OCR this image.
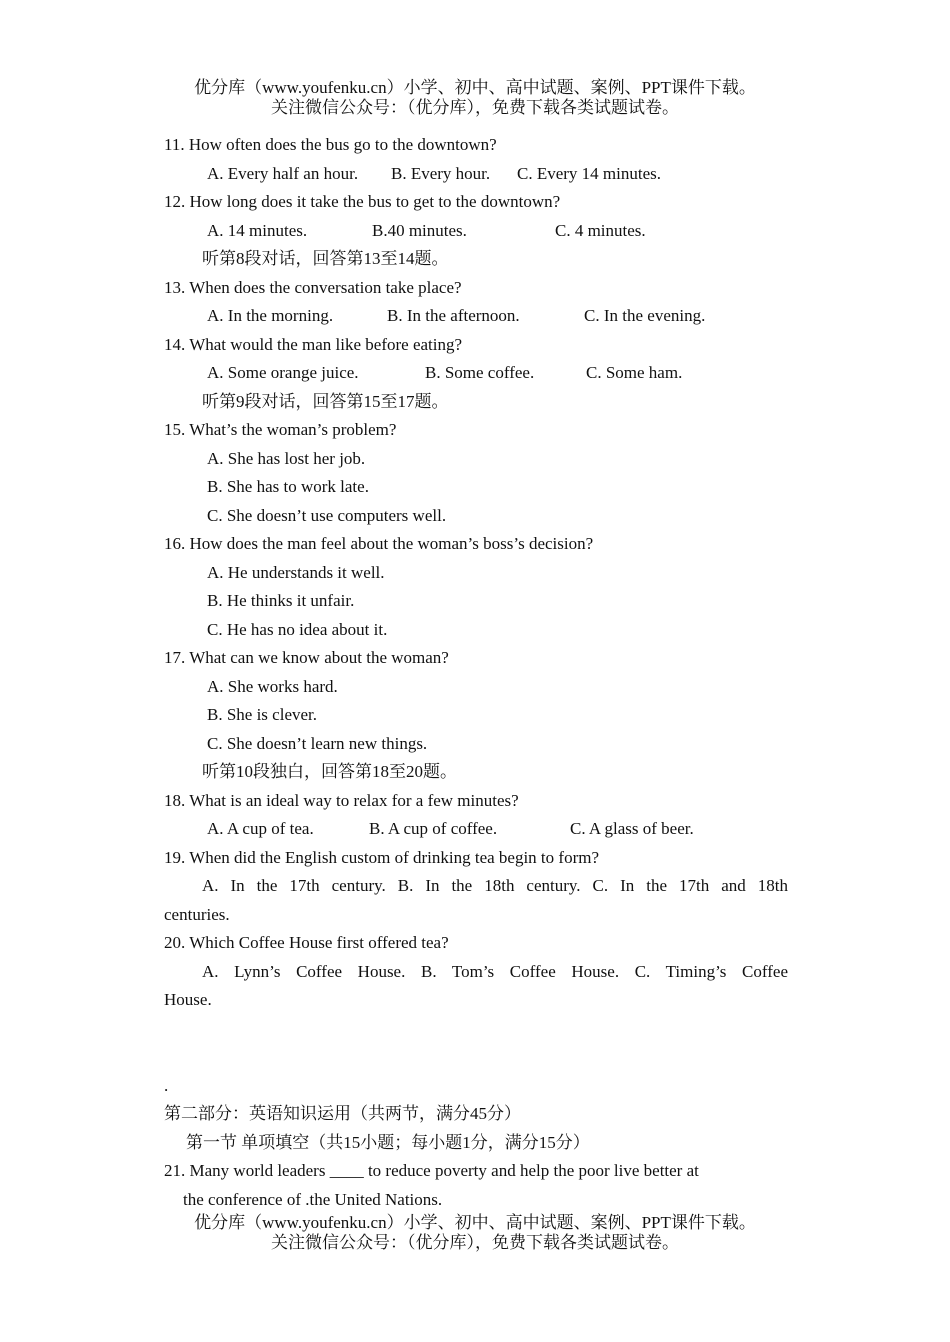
优分库（www.youfenku.cn）小学、初中、高中试题、案例、PPT课件下载。
关注微信公众号：（优分库），免费下载各类试题试卷。
11. How often does the bus go to the downtown?
A. Every half an hour. B. Every hour. C. Every 14 minutes.
12. How long does it take the bus to get to the downtown?
A. 14 minutes.	B.40 minutes.	C. 4 minutes.
听第8段对话，回答第13至14题。
13. When does the conversation take place?
A. In the morning.	B. In the afternoon.	C. In the evening.
14. What would the man like before eating?
A. Some orange juice.	B. Some coffee.	C. Some ham.
听第9段对话，回答第15至17题。
15. What’s the woman’s problem?
A. She has lost her job.
B. She has to work late.
C. She doesn’t use computers well.
16. How does the man feel about the woman’s boss’s decision?
A. He understands it well.
B. He thinks it unfair.
C. He has no idea about it.
17. What can we know about the woman?
A. She works hard.
B. She is clever.
C. She doesn’t learn new things.
听第10段独白，回答第18至20题。
18. What is an ideal way to relax for a few minutes?
A. A cup of tea.	B. A cup of coffee.	C. A glass of beer.
19. When did the English custom of drinking tea begin to form?
A. In the 17th century. B. In the 18th century. C. In the 17th and 18th
centuries.
20. Which Coffee House first offered tea?
A. Lynn’s Coffee House. B. Tom’s Coffee House. C. Timing’s Coffee
House.
.
第二部分：英语知识运用（共两节，满分45分）
第一节 单项填空（共15小题；每小题1分，满分15分）
21. Many world leaders ____ to reduce poverty and help the poor live better at
the conference of .the United Nations.
优分库（www.youfenku.cn）小学、初中、高中试题、案例、PPT课件下载。
关注微信公众号：（优分库），免费下载各类试题试卷。
